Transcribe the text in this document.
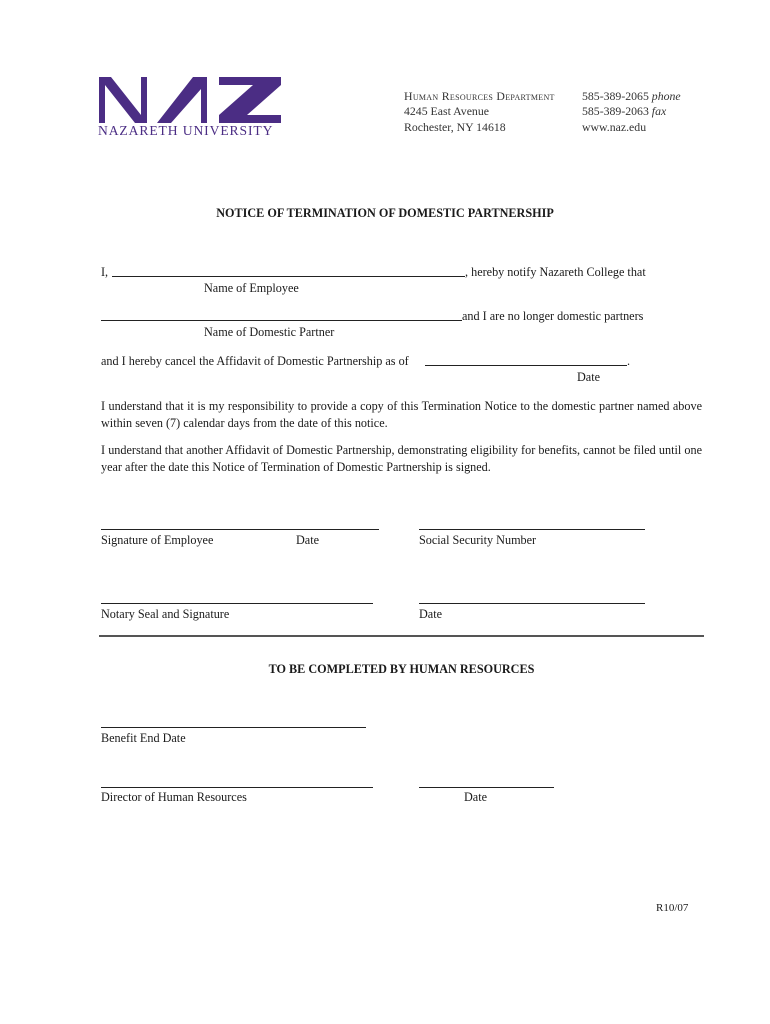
NAZARETH UNIVERSITY
Human Resources Department
4245 East Avenue
Rochester, NY 14618
585-389-2065 phone
585-389-2063 fax
www.naz.edu
NOTICE OF TERMINATION OF DOMESTIC PARTNERSHIP
I,	, hereby notify Nazareth College that
Name of Employee
and I are no longer domestic partners
Name of Domestic Partner
and I hereby cancel the Affidavit of Domestic Partnership as of	.
Date
I understand that it is my responsibility to provide a copy of this Termination Notice to the domestic partner named above within seven (7) calendar days from the date of this notice.
I understand that another Affidavit of Domestic Partnership, demonstrating eligibility for benefits, cannot be filed until one year after the date this Notice of Termination of Domestic Partnership is signed.
Signature of Employee	Date	Social Security Number
Notary Seal and Signature	Date
TO BE COMPLETED BY HUMAN RESOURCES
Benefit End Date
Director of Human Resources	Date
R10/07
